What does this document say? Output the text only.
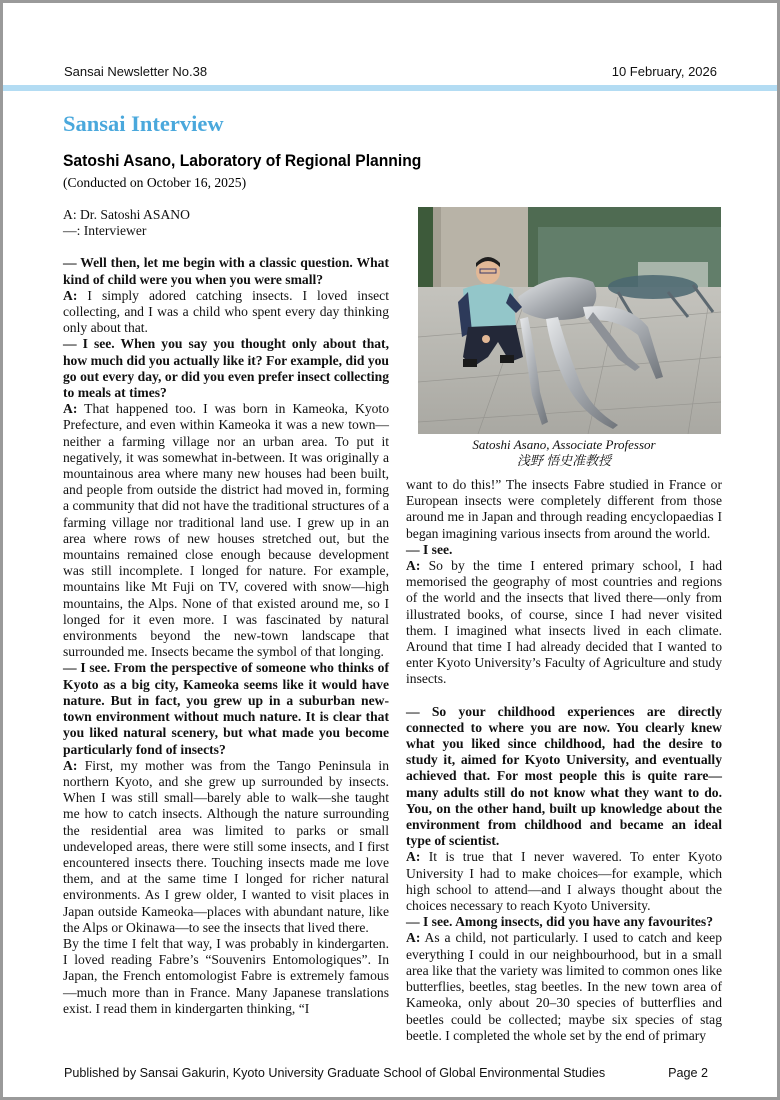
Sansai Newsletter No.38	10 February, 2026
Sansai Interview
Satoshi Asano, Laboratory of Regional Planning
(Conducted on October 16, 2025)

A: Dr. Satoshi ASANO

—: Interviewer

— Well then, let me begin with a classic question. What kind of child were you when you were small?

A: I simply adored catching insects. I loved insect collecting, and I was a child who spent every day thinking only about that.

— I see. When you say you thought only about that, how much did you actually like it? For example, did you go out every day, or did you even prefer insect collecting to meals at times?

A: That happened too. I was born in Kameoka, Kyoto Prefecture, and even within Kameoka it was a new town—neither a farming village nor an urban area. To put it negatively, it was somewhat in-between. It was originally a mountainous area where many new houses had been built, and people from outside the district had moved in, forming a community that did not have the traditional structures of a farming village nor traditional land use. I grew up in an area where rows of new houses stretched out, but the mountains remained close enough because development was still incomplete. I longed for nature. For example, mountains like Mt Fuji on TV, covered with snow—high mountains, the Alps. None of that existed around me, so I longed for it even more. I was fascinated by natural environments beyond the new-town landscape that surrounded me. Insects became the symbol of that longing.

— I see. From the perspective of someone who thinks of Kyoto as a big city, Kameoka seems like it would have nature. But in fact, you grew up in a suburban new-town environment without much nature. It is clear that you liked natural scenery, but what made you become particularly fond of insects?

A: First, my mother was from the Tango Peninsula in northern Kyoto, and she grew up surrounded by insects. When I was still small—barely able to walk—she taught me how to catch insects. Although the nature surrounding the residential area was limited to parks or small undeveloped areas, there were still some insects, and I first encountered insects there. Touching insects made me love them, and at the same time I longed for richer natural environments. As I grew older, I wanted to visit places in Japan outside Kameoka—places with abundant nature, like the Alps or Okinawa—to see the insects that lived there.

By the time I felt that way, I was probably in kindergarten. I loved reading Fabre’s “Souvenirs Entomologiques”. In Japan, the French entomologist Fabre is extremely famous—much more than in France. Many Japanese translations exist. I read them in kindergarten thinking, “I

Satoshi Asano, Associate Professor
浅野 悟史准教授

want to do this!” The insects Fabre studied in France or European insects were completely different from those around me in Japan and through reading encyclopaedias I began imagining various insects from around the world.

— I see.

A: So by the time I entered primary school, I had memorised the geography of most countries and regions of the world and the insects that lived there—only from illustrated books, of course, since I had never visited them. I imagined what insects lived in each climate. Around that time I had already decided that I wanted to enter Kyoto University’s Faculty of Agriculture and study insects.

— So your childhood experiences are directly connected to where you are now. You clearly knew what you liked since childhood, had the desire to study it, aimed for Kyoto University, and eventually achieved that. For most people this is quite rare—many adults still do not know what they want to do. You, on the other hand, built up knowledge about the environment from childhood and became an ideal type of scientist.

A: It is true that I never wavered. To enter Kyoto University I had to make choices—for example, which high school to attend—and I always thought about the choices necessary to reach Kyoto University.

— I see. Among insects, did you have any favourites?

A: As a child, not particularly. I used to catch and keep everything I could in our neighbourhood, but in a small area like that the variety was limited to common ones like butterflies, beetles, stag beetles. In the new town area of Kameoka, only about 20–30 species of butterflies and beetles could be collected; maybe six species of stag beetle. I completed the whole set by the end of primary

Published by Sansai Gakurin, Kyoto University Graduate School of Global Environmental Studies	Page 2
